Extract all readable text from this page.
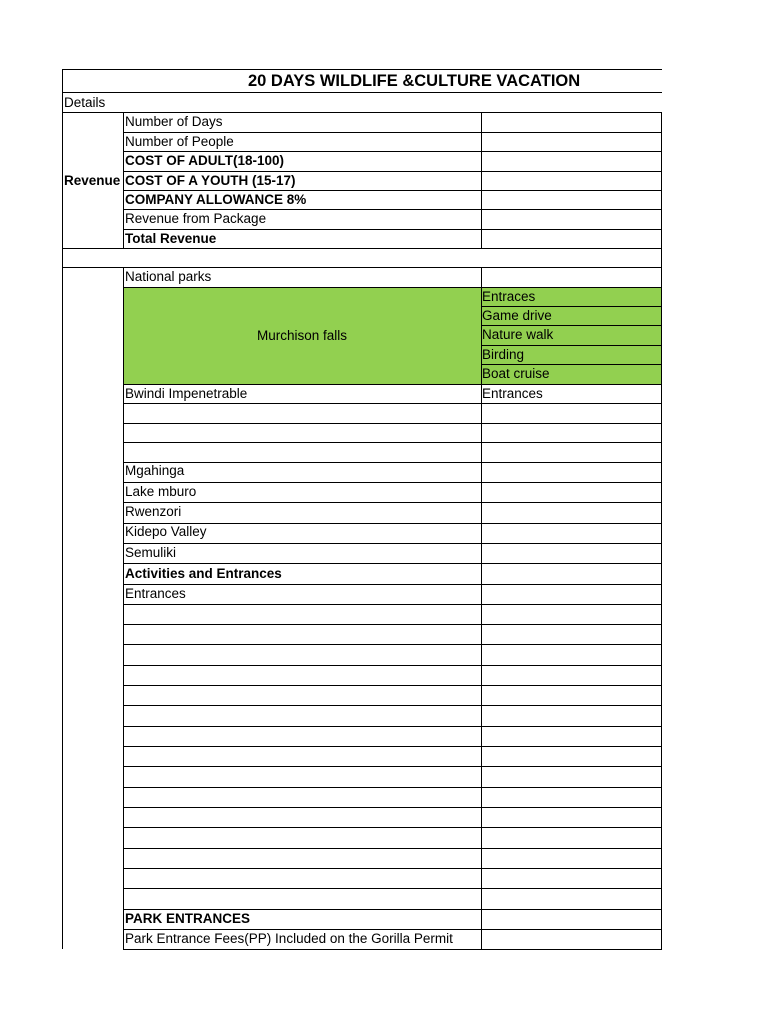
20 DAYS WILDLIFE &CULTURE VACATION
Details
Revenue
Number of Days
Number of People
COST OF ADULT(18-100)
COST OF A YOUTH (15-17)
COMPANY ALLOWANCE 8%
Revenue from Package
Total Revenue
National parks
Murchison falls
Entraces
Game drive
Nature walk
Birding
Boat cruise
Bwindi Impenetrable	Entrances
Mgahinga
Lake mburo
Rwenzori
Kidepo Valley
Semuliki
Activities and Entrances
Entrances
PARK ENTRANCES
Park Entrance Fees(PP) Included on the Gorilla Permit
